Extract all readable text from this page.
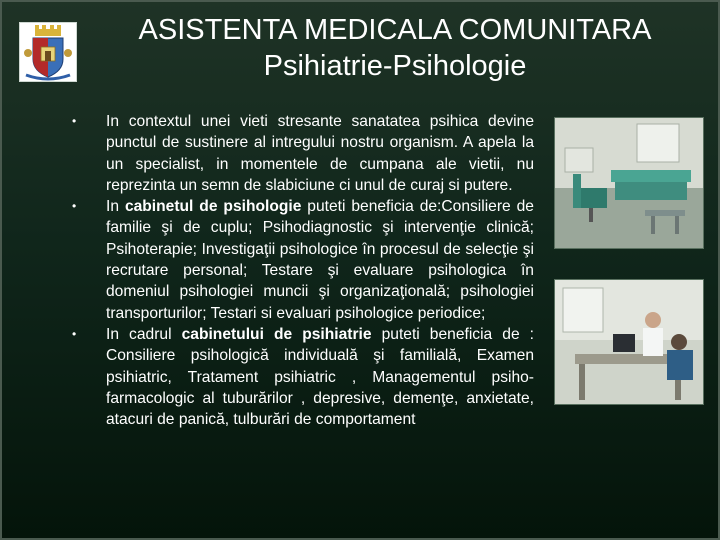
ASISTENTA MEDICALA COMUNITARA
Psihiatrie-Psihologie
• In contextul unei vieti stresante sanatatea psihica devine punctul de sustinere al intregului nostru organism. A apela la un specialist, in momentele de cumpana ale vietii, nu reprezinta un semn de slabiciune ci unul de curaj si putere.
• In cabinetul de psihologie puteti beneficia de:Consiliere de familie şi de cuplu; Psihodiagnostic şi intervenţie clinică; Psihoterapie; Investigaţii psihologice în procesul de selecţie şi recrutare personal; Testare şi evaluare psihologica în domeniul psihologiei muncii şi organizaţională; psihologiei transporturilor; Testari si evaluari psihologice periodice;
• In cadrul cabinetului de psihiatrie puteti beneficia de : Consiliere psihologică individuală şi familială, Examen psihiatric, Tratament psihiatric , Managementul psiho-farmacologic al tuburărilor , depresive, demenţe, anxietate, atacuri de panică, tulburări de comportament
